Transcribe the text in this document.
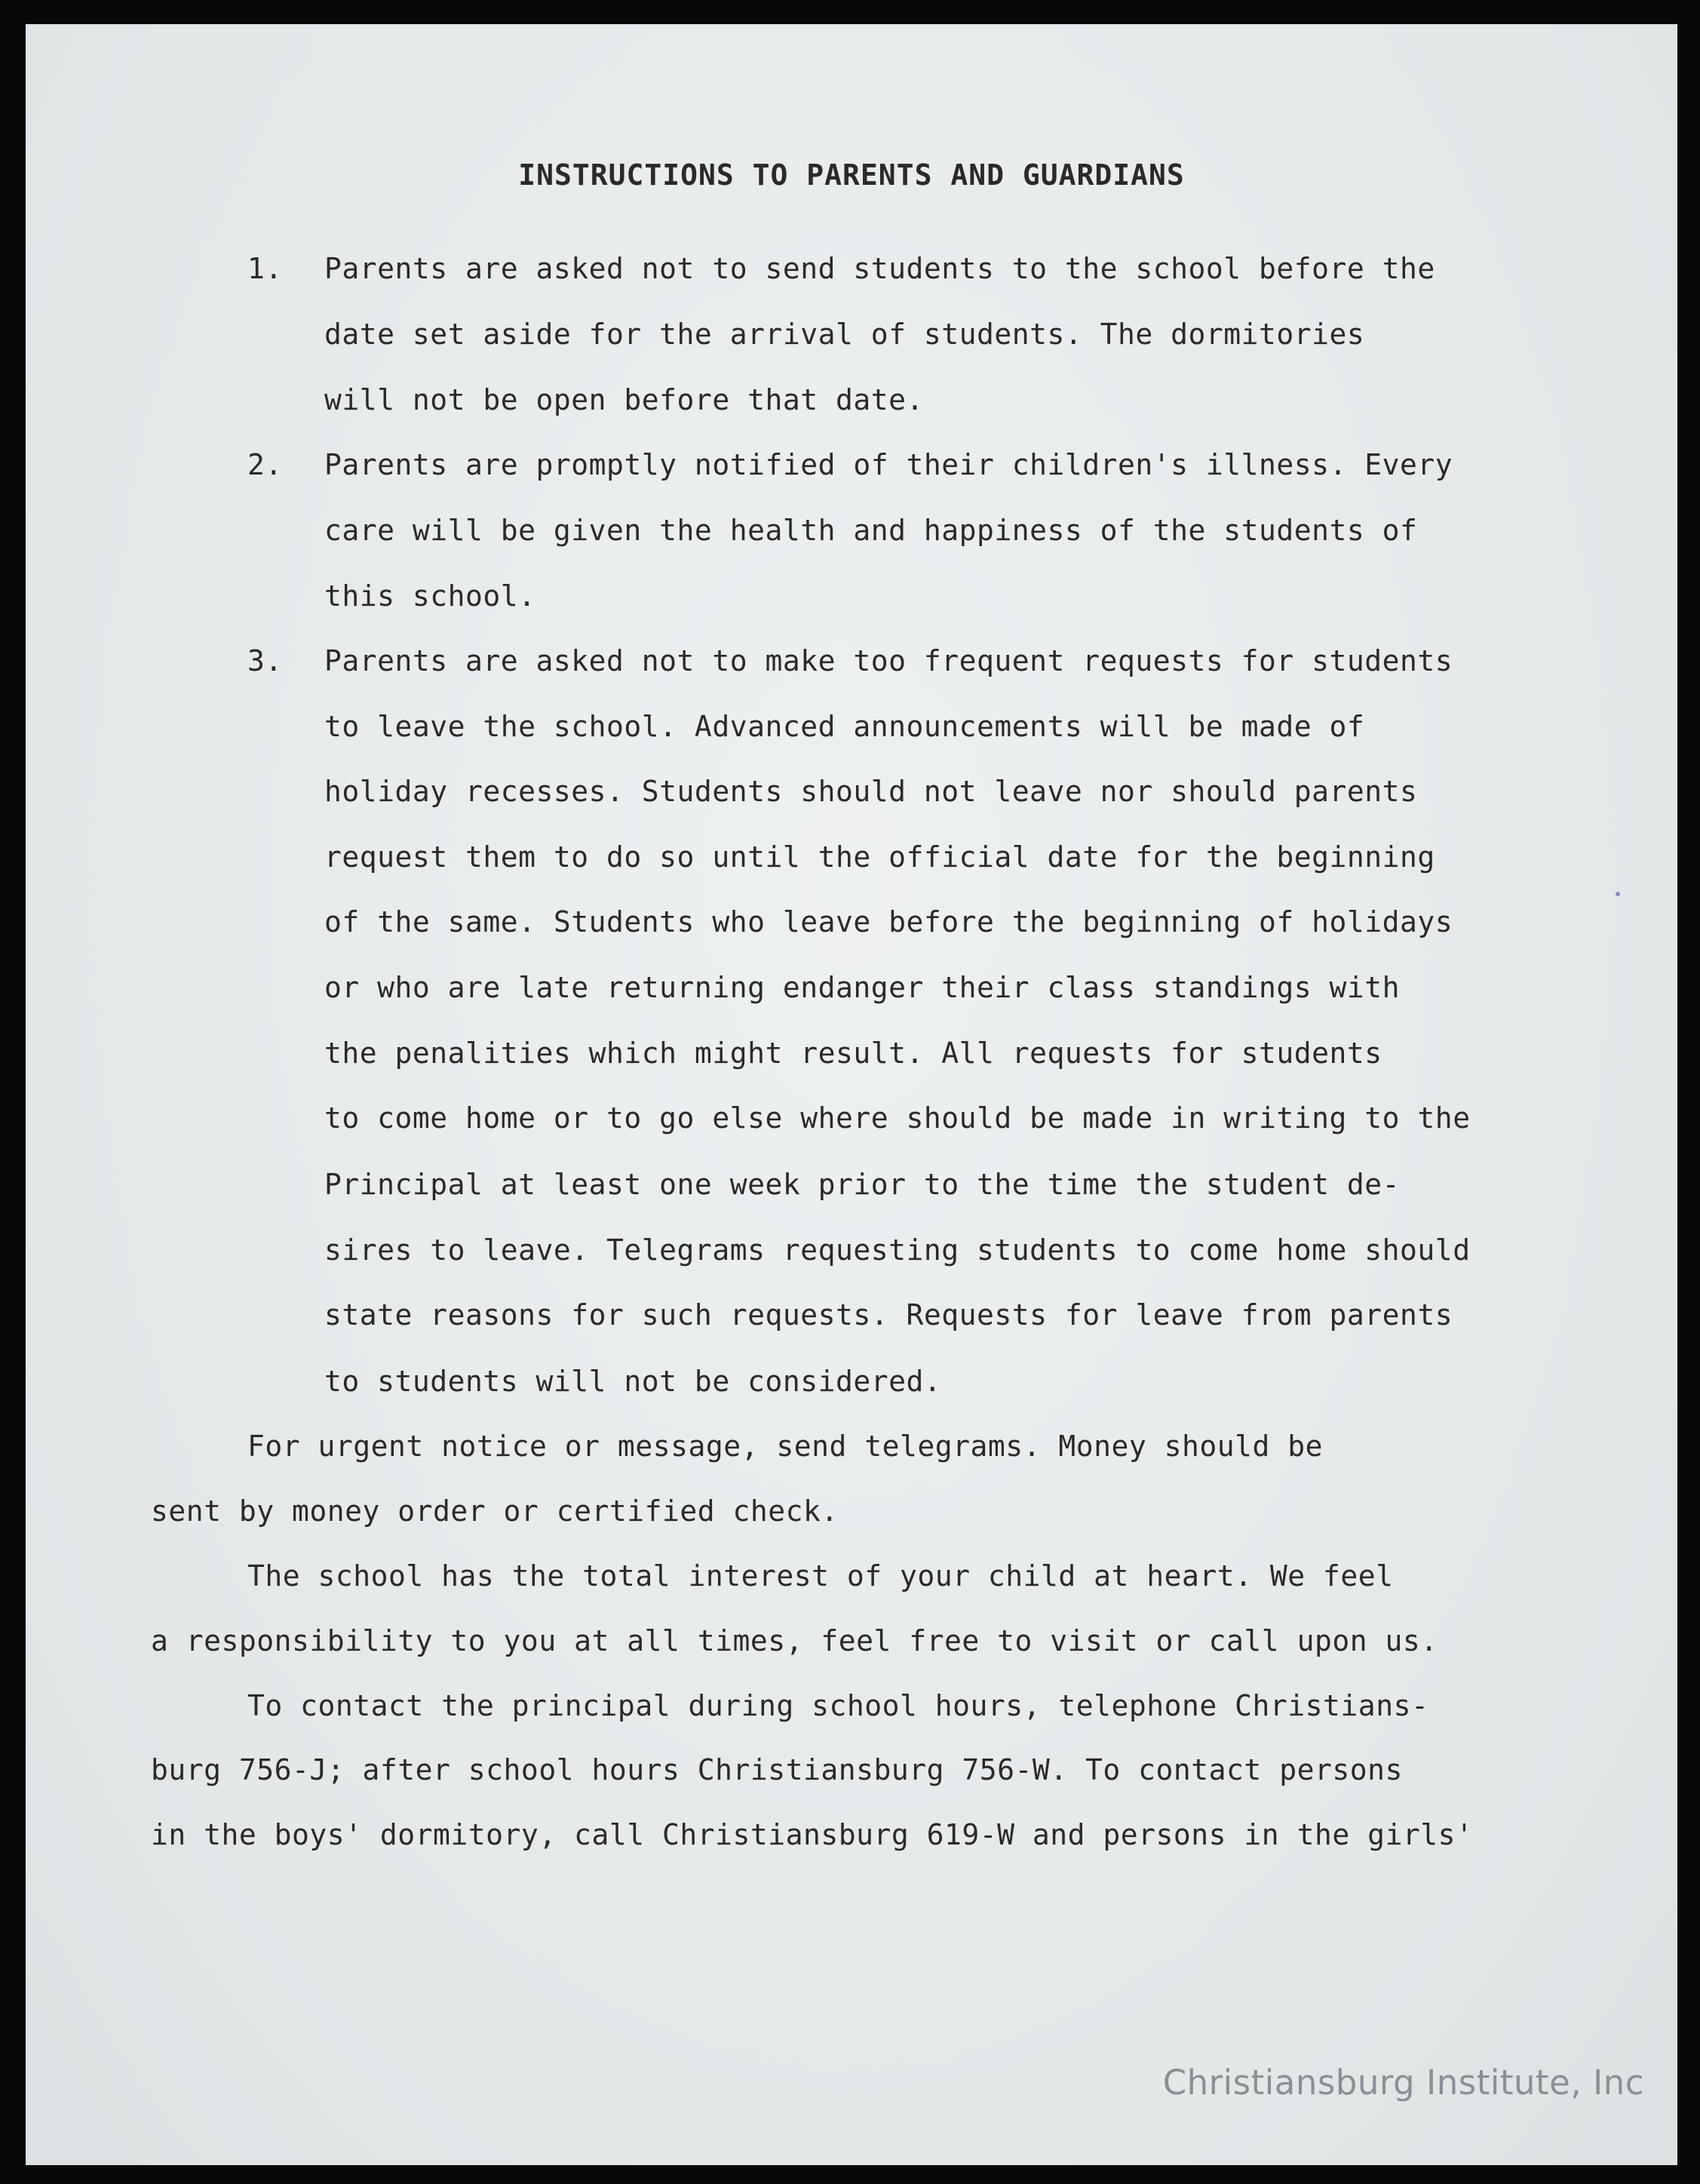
INSTRUCTIONS TO PARENTS AND GUARDIANS
1. Parents are asked not to send students to the school before the
date set aside for the arrival of students. The dormitories
will not be open before that date.
2. Parents are promptly notified of their children's illness. Every
care will be given the health and happiness of the students of
this school.
3. Parents are asked not to make too frequent requests for students
to leave the school. Advanced announcements will be made of
holiday recesses. Students should not leave nor should parents
request them to do so until the official date for the beginning
of the same. Students who leave before the beginning of holidays
or who are late returning endanger their class standings with
the penalities which might result. All requests for students
to come home or to go else where should be made in writing to the
Principal at least one week prior to the time the student de-
sires to leave. Telegrams requesting students to come home should
state reasons for such requests. Requests for leave from parents
to students will not be considered.
For urgent notice or message, send telegrams. Money should be
sent by money order or certified check.
The school has the total interest of your child at heart. We feel
a responsibility to you at all times, feel free to visit or call upon us.
To contact the principal during school hours, telephone Christians-
burg 756-J; after school hours Christiansburg 756-W. To contact persons
in the boys' dormitory, call Christiansburg 619-W and persons in the girls'
Christiansburg Institute, Inc
